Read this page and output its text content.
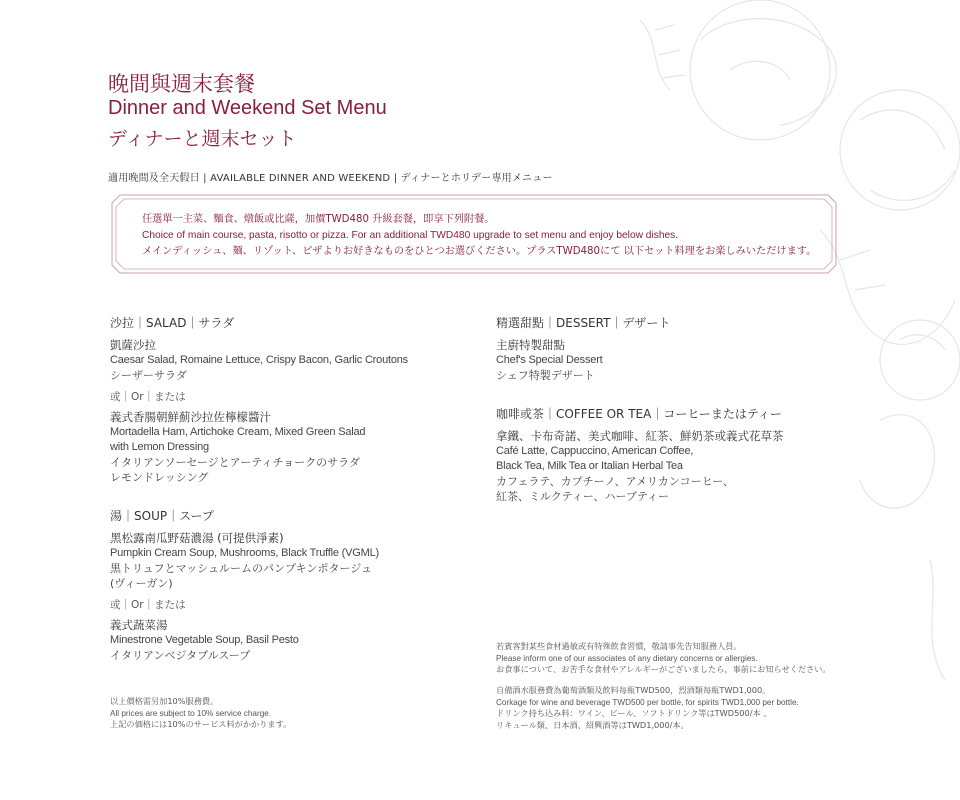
晚間與週末套餐
Dinner and Weekend Set Menu
ディナーと週末セット
適用晚間及全天假日 | AVAILABLE DINNER AND WEEKEND | ディナーとホリデー専用メニュー
任選單一主菜、麵食、燉飯或比薩，加價TWD480 升級套餐，即享下列附餐。
Choice of main course, pasta, risotto or pizza. For an additional TWD480 upgrade to set menu and enjoy below dishes.
メインディッシュ、麺、リゾット、ピザよりお好きなものをひとつお選びください。プラスTWD480にて 以下セット料理をお楽しみいただけます。
沙拉｜SALAD｜サラダ
凱薩沙拉
Caesar Salad, Romaine Lettuce, Crispy Bacon, Garlic Croutons
シーザーサラダ
或｜Or｜または
義式香腸朝鮮薊沙拉佐檸檬醬汁
Mortadella Ham, Artichoke Cream, Mixed Green Salad
with Lemon Dressing
イタリアンソーセージとアーティチョークのサラダ
レモンドレッシング
湯｜SOUP｜スープ
黑松露南瓜野菇濃湯 (可提供淨素)
Pumpkin Cream Soup, Mushrooms, Black Truffle (VGML)
黒トリュフとマッシュルームのパンプキンポタージュ
(ヴィーガン)
或｜Or｜または
義式蔬菜湯
Minestrone Vegetable Soup, Basil Pesto
イタリアンベジタブルスープ
精選甜點｜DESSERT｜デザート
主廚特製甜點
Chef's Special Dessert
シェフ特製デザート
咖啡或茶｜COFFEE OR TEA｜コーヒーまたはティー
拿鐵、卡布奇諾、美式咖啡、紅茶、鮮奶茶或義式花草茶
Café Latte, Cappuccino, American Coffee,
Black Tea, Milk Tea or Italian Herbal Tea
カフェラテ、カプチーノ、アメリカンコーヒー、
紅茶、ミルクティー、ハーブティー
以上價格需另加10%服務費。
All prices are subject to 10% service charge.
上記の価格には10%のサービス料がかかります。
若賓客對某些食材過敏或有特殊飲食習慣，敬請事先告知服務人員。
Please inform one of our associates of any dietary concerns or allergies.
お食事について、お苦手な食材やアレルギーがございましたら，事前にお知らせください。
自備酒水服務費為葡萄酒類及飲料每瓶TWD500，烈酒類每瓶TWD1,000。
Corkage for wine and beverage TWD500 per bottle, for spirits TWD1,000 per bottle.
ドリンク持ち込み料：ワイン、ビール、ソフトドリンク等はTWD500/本 、
リキュール類、日本酒、紹興酒等はTWD1,000/本。
